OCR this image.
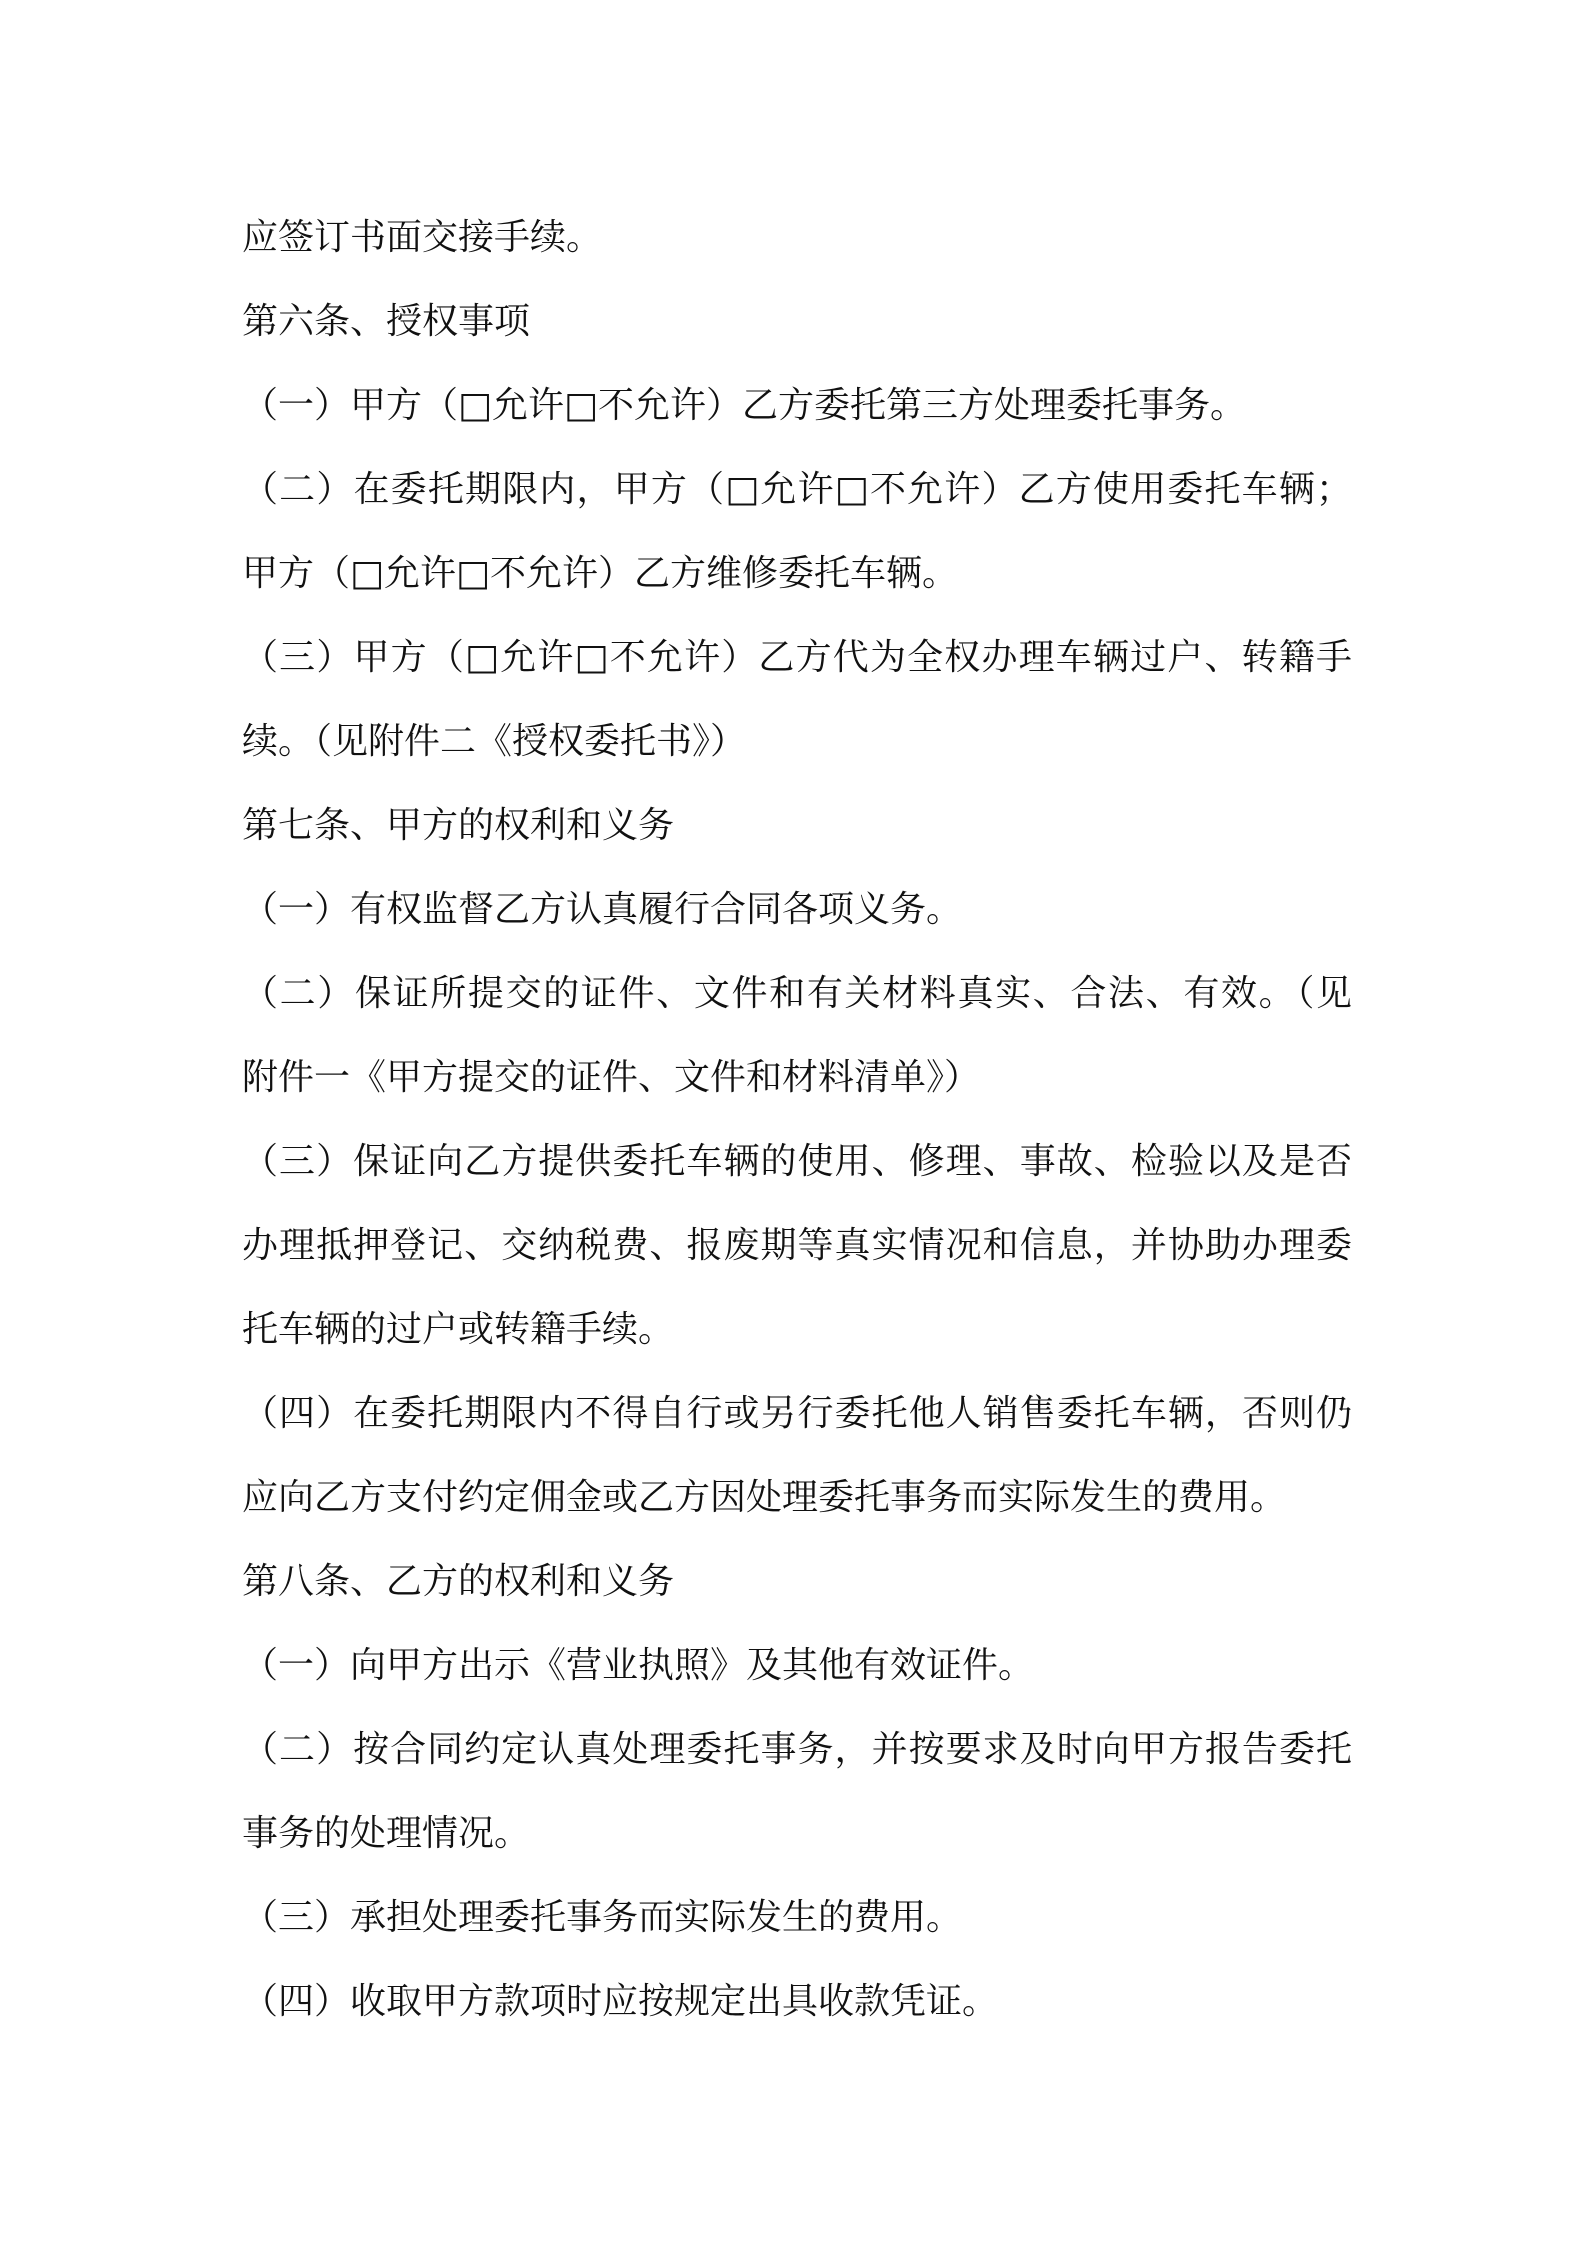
应签订书面交接手续。
第六条、授权事项
（一）甲方（□允许□不允许）乙方委托第三方处理委托事务。
（二）在委托期限内，甲方（□允许□不允许）乙方使用委托车辆；
甲方（□允许□不允许）乙方维修委托车辆。
（三）甲方（□允许□不允许）乙方代为全权办理车辆过户、转籍手
续。（见附件二《授权委托书》）
第七条、甲方的权利和义务
（一）有权监督乙方认真履行合同各项义务。
（二）保证所提交的证件、文件和有关材料真实、合法、有效。（见
附件一《甲方提交的证件、文件和材料清单》）
（三）保证向乙方提供委托车辆的使用、修理、事故、检验以及是否
办理抵押登记、交纳税费、报废期等真实情况和信息，并协助办理委
托车辆的过户或转籍手续。
（四）在委托期限内不得自行或另行委托他人销售委托车辆，否则仍
应向乙方支付约定佣金或乙方因处理委托事务而实际发生的费用。
第八条、乙方的权利和义务
（一）向甲方出示《营业执照》及其他有效证件。
（二）按合同约定认真处理委托事务，并按要求及时向甲方报告委托
事务的处理情况。
（三）承担处理委托事务而实际发生的费用。
（四）收取甲方款项时应按规定出具收款凭证。
